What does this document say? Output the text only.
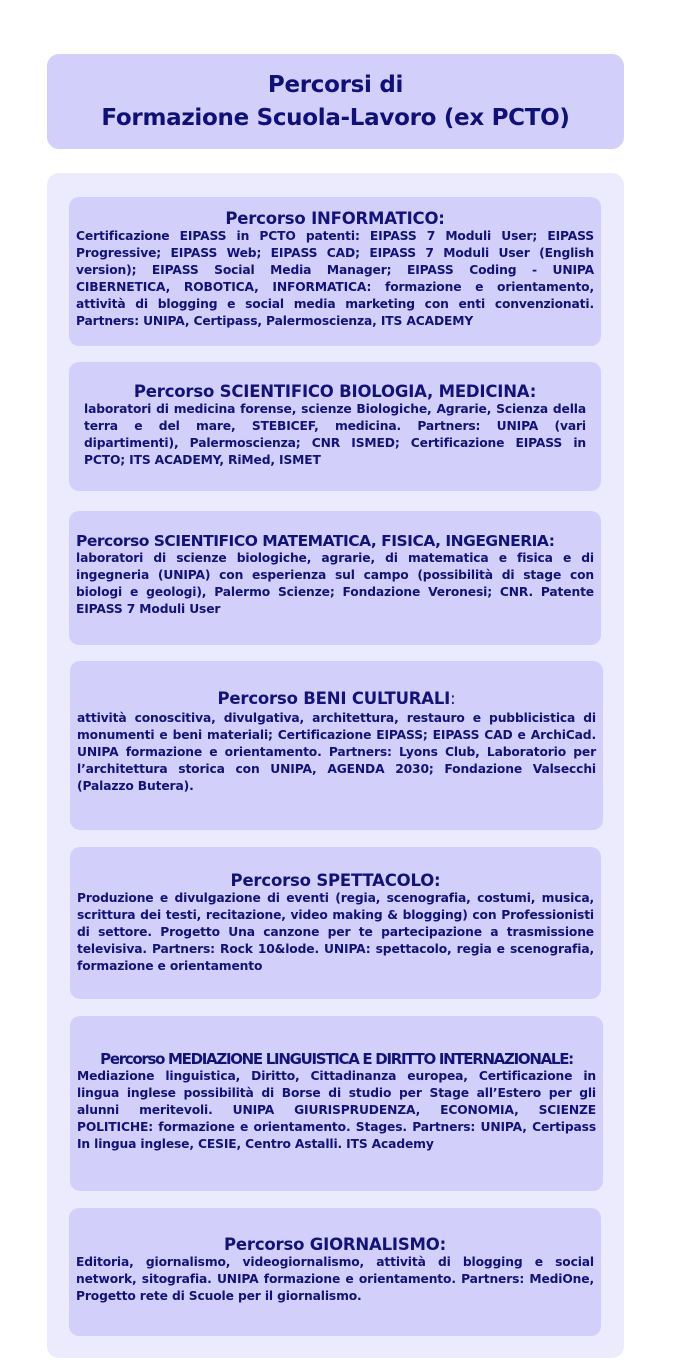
Percorsi di
Formazione Scuola-Lavoro (ex PCTO)
Percorso INFORMATICO:
Certificazione EIPASS in PCTO patenti: EIPASS 7 Moduli User; EIPASS Progressive; EIPASS Web; EIPASS CAD; EIPASS 7 Moduli User (English version); EIPASS Social Media Manager; EIPASS Coding - UNIPA CIBERNETICA, ROBOTICA, INFORMATICA: formazione e orientamento, attività di blogging e social media marketing con enti convenzionati. Partners: UNIPA, Certipass, Palermoscienza, ITS ACADEMY
Percorso SCIENTIFICO BIOLOGIA, MEDICINA:
laboratori di medicina forense, scienze Biologiche, Agrarie, Scienza della terra e del mare, STEBICEF, medicina. Partners: UNIPA (vari dipartimenti), Palermoscienza; CNR ISMED; Certificazione EIPASS in PCTO; ITS ACADEMY, RiMed, ISMET
Percorso SCIENTIFICO MATEMATICA, FISICA, INGEGNERIA:
laboratori di scienze biologiche, agrarie, di matematica e fisica e di ingegneria (UNIPA) con esperienza sul campo (possibilità di stage con biologi e geologi), Palermo Scienze; Fondazione Veronesi; CNR. Patente EIPASS 7 Moduli User
Percorso BENI CULTURALI:
attività conoscitiva, divulgativa, architettura, restauro e pubblicistica di monumenti e beni materiali; Certificazione EIPASS; EIPASS CAD e ArchiCad. UNIPA formazione e orientamento. Partners: Lyons Club, Laboratorio per l’architettura storica con UNIPA, AGENDA 2030; Fondazione Valsecchi (Palazzo Butera).
Percorso SPETTACOLO:
Produzione e divulgazione di eventi (regia, scenografia, costumi, musica, scrittura dei testi, recitazione, video making & blogging) con Professionisti di settore. Progetto Una canzone per te partecipazione a trasmissione televisiva. Partners: Rock 10&lode. UNIPA: spettacolo, regia e scenografia, formazione e orientamento
Percorso MEDIAZIONE LINGUISTICA E DIRITTO INTERNAZIONALE:
Mediazione linguistica, Diritto, Cittadinanza europea, Certificazione in lingua inglese possibilità di Borse di studio per Stage all’Estero per gli alunni meritevoli. UNIPA GIURISPRUDENZA, ECONOMIA, SCIENZE POLITICHE: formazione e orientamento. Stages. Partners: UNIPA, Certipass In lingua inglese, CESIE, Centro Astalli. ITS Academy
Percorso GIORNALISMO:
Editoria, giornalismo, videogiornalismo, attività di blogging e social network, sitografia. UNIPA formazione e orientamento. Partners: MediOne, Progetto rete di Scuole per il giornalismo.
